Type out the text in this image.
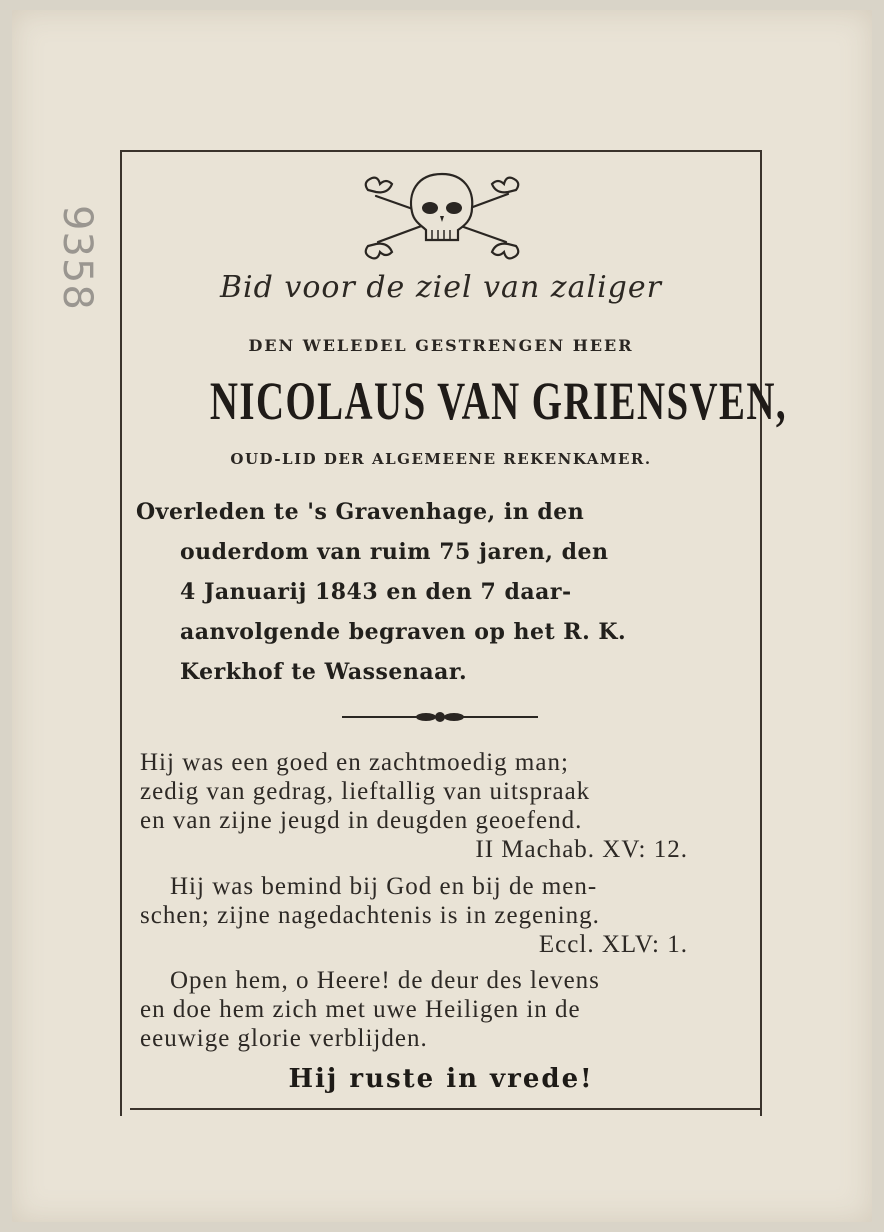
9358	Bid voor de ziel van zaliger
DEN WELEDEL GESTRENGEN HEER
NICOLAUS VAN GRIENSVEN,
OUD-LID DER ALGEMEENE REKENKAMER.
Overleden te 's Gravenhage, in den
ouderdom van ruim 75 jaren, den
4 Januarij 1843 en den 7 daar-
aanvolgende begraven op het R. K.
Kerkhof te Wassenaar.
Hij was een goed en zachtmoedig man;
zedig van gedrag, lieftallig van uitspraak
en van zijne jeugd in deugden geoefend.
II Machab. XV: 12.
Hij was bemind bij God en bij de men-
schen; zijne nagedachtenis is in zegening.
Eccl. XLV: 1.
Open hem, o Heere! de deur des levens
en doe hem zich met uwe Heiligen in de
eeuwige glorie verblijden.
Hij ruste in vrede!
